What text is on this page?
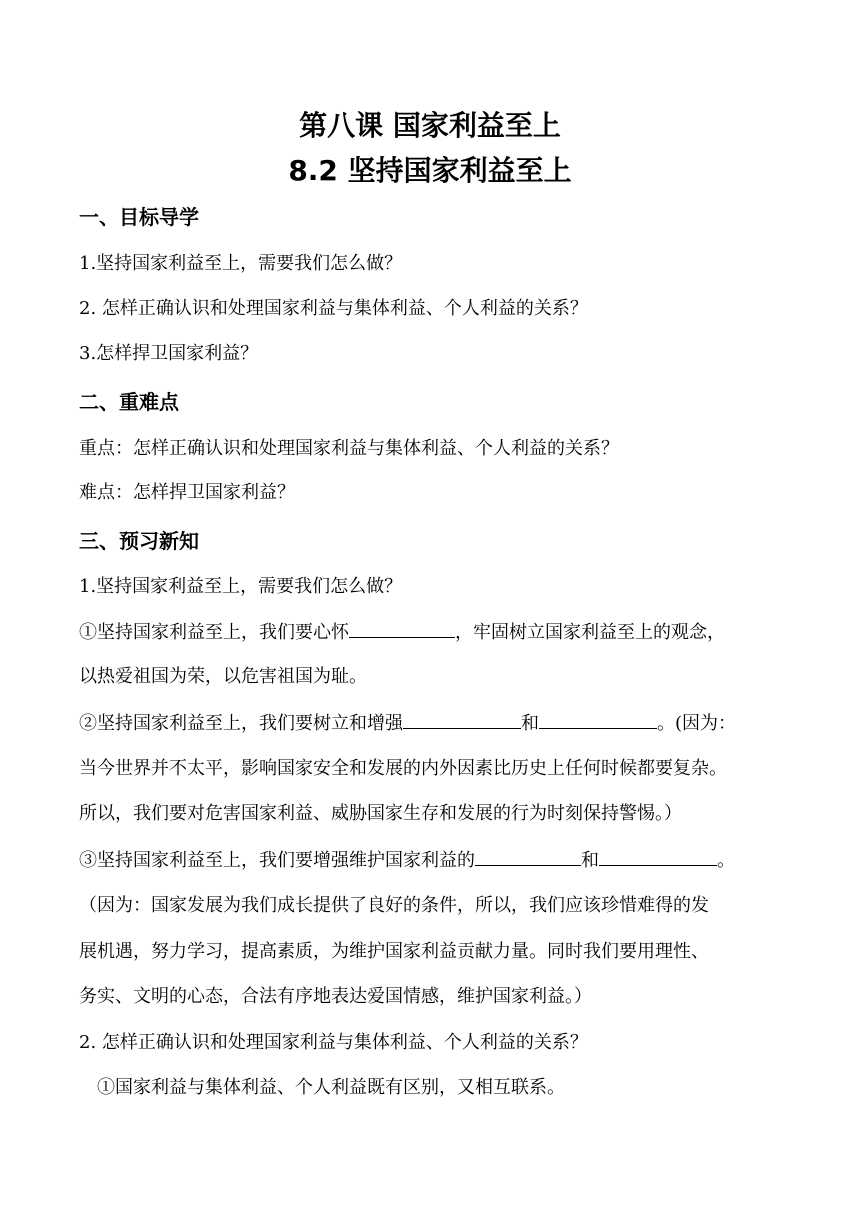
第八课 国家利益至上
8.2 坚持国家利益至上
一、目标导学
1.坚持国家利益至上，需要我们怎么做？
2. 怎样正确认识和处理国家利益与集体利益、个人利益的关系？
3.怎样捍卫国家利益？
二、重难点
重点：怎样正确认识和处理国家利益与集体利益、个人利益的关系？
难点：怎样捍卫国家利益？
三、预习新知
1.坚持国家利益至上，需要我们怎么做？
①坚持国家利益至上，我们要心怀	，牢固树立国家利益至上的观念，
以热爱祖国为荣，以危害祖国为耻。
②坚持国家利益至上，我们要树立和增强	和	。(因为：
当今世界并不太平，影响国家安全和发展的内外因素比历史上任何时候都要复杂。
所以，我们要对危害国家利益、威胁国家生存和发展的行为时刻保持警惕。）
③坚持国家利益至上，我们要增强维护国家利益的	和	。
（因为：国家发展为我们成长提供了良好的条件，所以，我们应该珍惜难得的发
展机遇，努力学习，提高素质，为维护国家利益贡献力量。同时我们要用理性、
务实、文明的心态，合法有序地表达爱国情感，维护国家利益。）
2. 怎样正确认识和处理国家利益与集体利益、个人利益的关系？
①国家利益与集体利益、个人利益既有区别，又相互联系。
